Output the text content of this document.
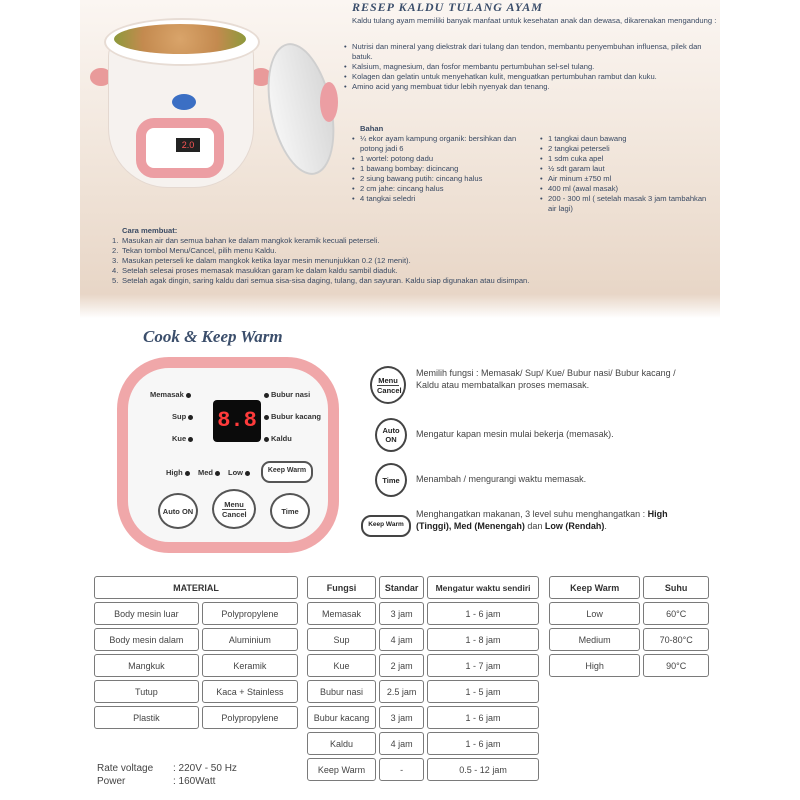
2.0
RESEP KALDU TULANG AYAM
Kaldu tulang ayam memiliki banyak manfaat untuk kesehatan anak dan dewasa, dikarenakan mengandung :
• Nutrisi dan mineral yang diekstrak dari tulang dan tendon, membantu penyembuhan influensa, pilek dan batuk.
• Kalsium, magnesium, dan fosfor membantu pertumbuhan sel-sel tulang.
• Kolagen dan gelatin untuk menyehatkan kulit, menguatkan pertumbuhan rambut dan kuku.
• Amino acid yang membuat tidur lebih nyenyak dan tenang.
Bahan
• ¼ ekor ayam kampung organik: bersihkan dan potong jadi 6
• 1 wortel: potong dadu
• 1 bawang bombay: dicincang
• 2 siung bawang putih: cincang halus
• 2 cm jahe: cincang halus
• 4 tangkai seledri
• 1 tangkai daun bawang
• 2 tangkai peterseli
• 1 sdm cuka apel
• ½ sdt garam laut
• Air minum ±750 ml
• 400 ml (awal masak)
• 200 - 300 ml ( setelah masak 3 jam tambahkan air lagi)
Cara membuat:
1. Masukan air dan semua bahan ke dalam mangkok keramik kecuali peterseli.
2. Tekan tombol Menu/Cancel, pilih menu Kaldu.
3. Masukan peterseli ke dalam mangkok ketika layar mesin menunjukkan 0.2 (12 menit).
4. Setelah selesai proses memasak masukkan garam ke dalam kaldu sambil diaduk.
5. Setelah agak dingin, saring kaldu dari semua sisa-sisa daging, tulang, dan sayuran. Kaldu siap digunakan atau disimpan.
Cook & Keep Warm
Memasak
Sup
Kue
8.8
Bubur nasi
Bubur kacang
Kaldu
High	Med	Low	Keep Warm
Auto ON
Menu
Cancel	Time
Menu
Cancel
Memilih fungsi : Memasak/ Sup/ Kue/ Bubur nasi/ Bubur kacang / Kaldu atau membatalkan proses memasak.
Auto ON
Mengatur kapan mesin mulai bekerja (memasak).
Time	Menambah / mengurangi waktu memasak.
Keep Warm
Menghangatkan makanan, 3 level suhu menghangatkan : High (Tinggi), Med (Menengah) dan Low (Rendah).
MATERIAL	
Body mesin luar	Polypropylene
Body mesin dalam	Aluminium
Mangkuk	Keramik
Tutup	Kaca + Stainless
Plastik	Polypropylene
Fungsi	Standar	Mengatur waktu sendiri
Memasak	3 jam	1 - 6 jam
Sup	4 jam	1 - 8 jam
Kue	2 jam	1 - 7 jam
Bubur nasi	2.5 jam	1 - 5 jam
Bubur kacang	3 jam	1 - 6 jam
Kaldu	4 jam	1 - 6 jam
Keep Warm	-	0.5 - 12 jam
Keep Warm	Suhu
Low	60°C
Medium	70-80°C
High	90°C
Rate voltage : 220V - 50 Hz
Power	: 160Watt
